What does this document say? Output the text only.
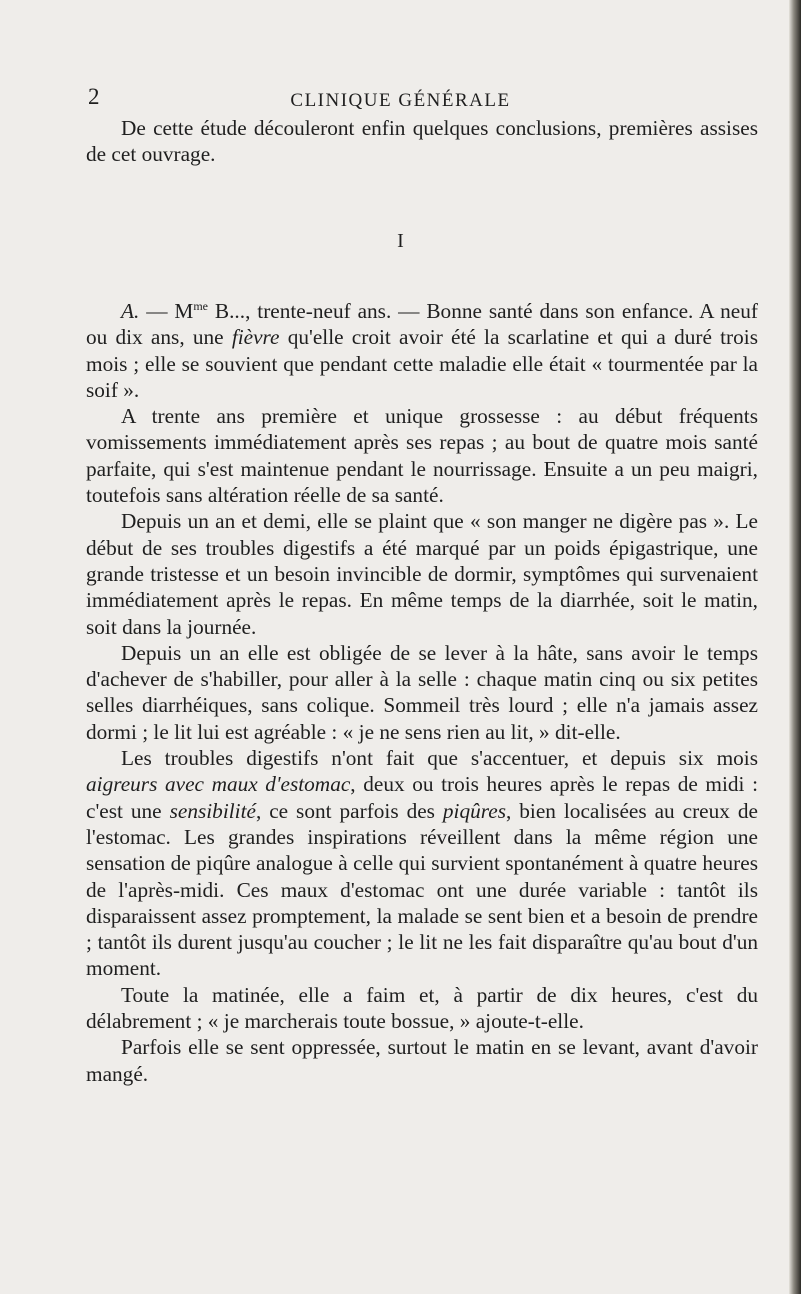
2	CLINIQUE GÉNÉRALE

De cette étude découleront enfin quelques conclusions, premières assises de cet ouvrage.

I

A. — $M^{me}$ B..., trente-neuf ans. — Bonne santé dans son enfance. A neuf ou dix ans, une fièvre qu'elle croit avoir été la scarlatine et qui a duré trois mois ; elle se souvient que pendant cette maladie elle était « tourmentée par la soif ».

A trente ans première et unique grossesse : au début fréquents vomissements immédiatement après ses repas ; au bout de quatre mois santé parfaite, qui s'est maintenue pendant le nourrissage. Ensuite a un peu maigri, toutefois sans altération réelle de sa santé.

Depuis un an et demi, elle se plaint que « son manger ne digère pas ». Le début de ses troubles digestifs a été marqué par un poids épigastrique, une grande tristesse et un besoin invincible de dormir, symptômes qui survenaient immédiatement après le repas. En même temps de la diarrhée, soit le matin, soit dans la journée.

Depuis un an elle est obligée de se lever à la hâte, sans avoir le temps d'achever de s'habiller, pour aller à la selle : chaque matin cinq ou six petites selles diarrhéiques, sans colique. Sommeil très lourd ; elle n'a jamais assez dormi ; le lit lui est agréable : « je ne sens rien au lit, » dit-elle.

Les troubles digestifs n'ont fait que s'accentuer, et depuis six mois aigreurs avec maux d'estomac, deux ou trois heures après le repas de midi : c'est une sensibilité, ce sont parfois des piqûres, bien localisées au creux de l'estomac. Les grandes inspirations réveillent dans la même région une sensation de piqûre analogue à celle qui survient spontanément à quatre heures de l'après-midi. Ces maux d'estomac ont une durée variable : tantôt ils disparaissent assez promptement, la malade se sent bien et a besoin de prendre ; tantôt ils durent jusqu'au coucher ; le lit ne les fait disparaître qu'au bout d'un moment.

Toute la matinée, elle a faim et, à partir de dix heures, c'est du délabrement ; « je marcherais toute bossue, » ajoute-t-elle.

Parfois elle se sent oppressée, surtout le matin en se levant, avant d'avoir mangé.
